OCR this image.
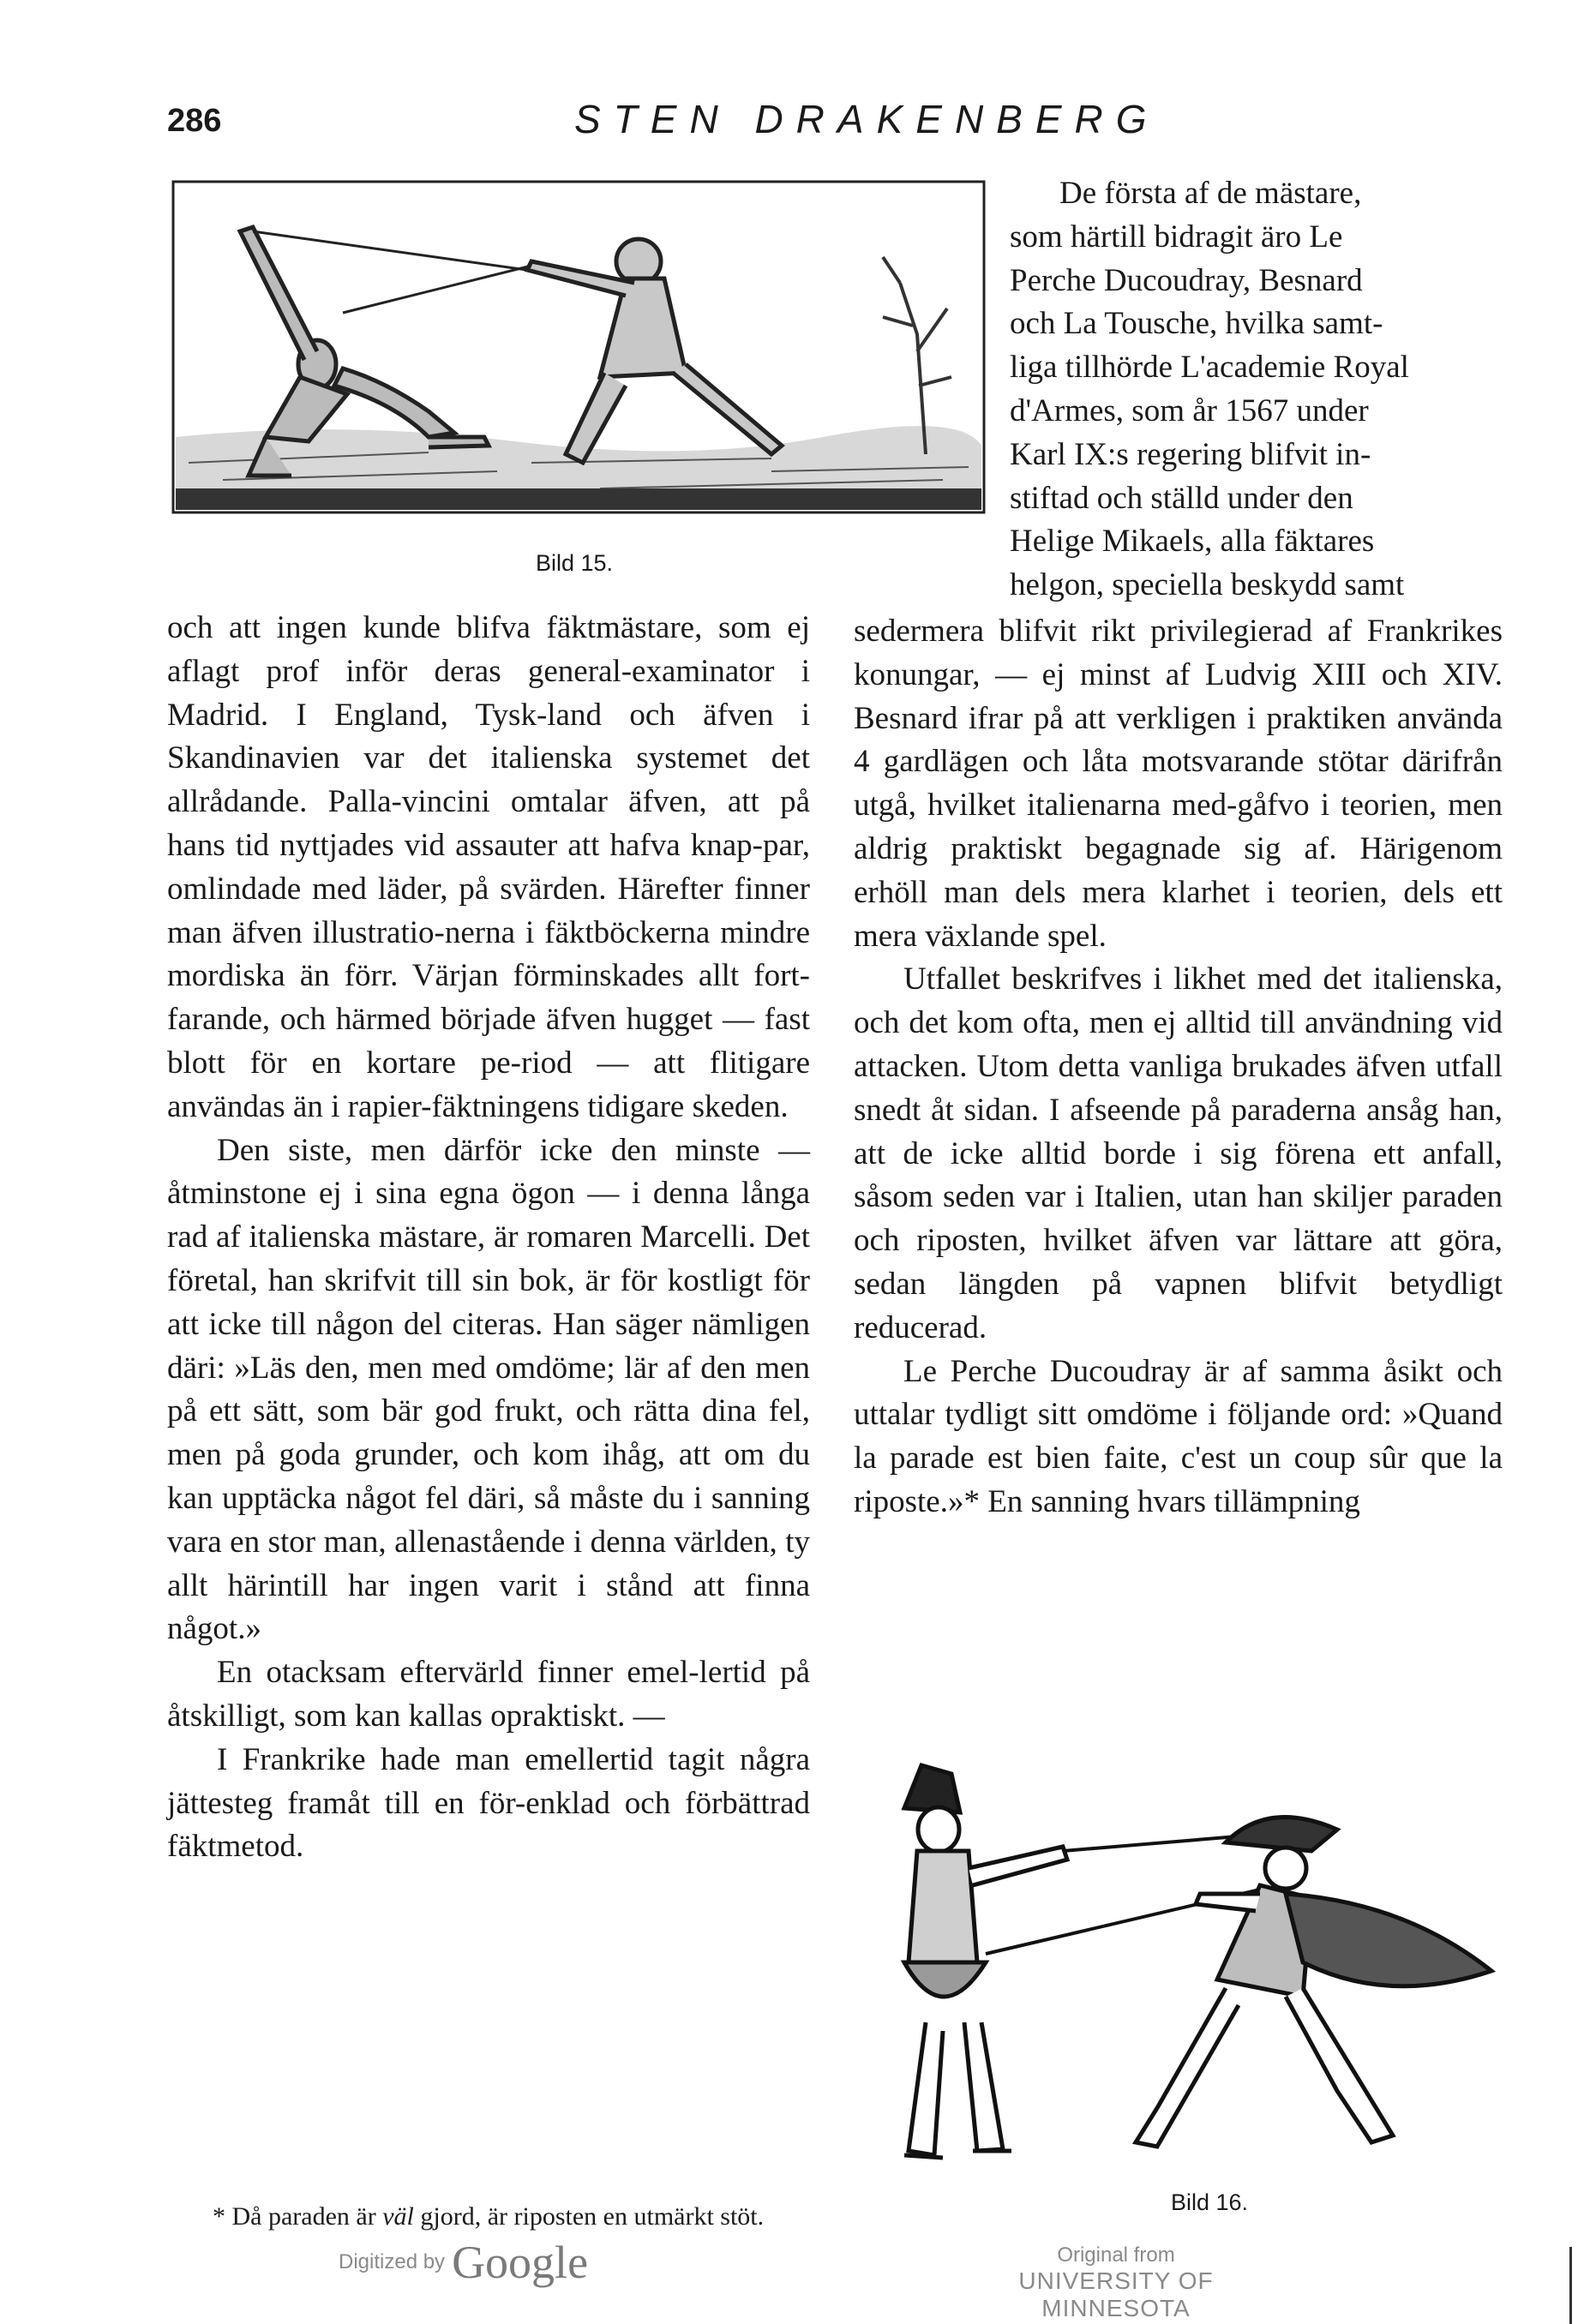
286	STEN DRAKENBERG
Bild 15.
De första af de mästare,
som härtill bidragit äro Le
Perche Ducoudray, Besnard
och La Tousche, hvilka samt-
liga tillhörde L'academie Royal
d'Armes, som år 1567 under
Karl IX:s regering blifvit in-
stiftad och ställd under den
Helige Mikaels, alla fäktares
helgon, speciella beskydd samt

och att ingen kunde blifva fäktmästare, som ej aflagt prof inför deras general-examinator i Madrid. I England, Tysk-land och äfven i Skandinavien var det italienska systemet det allrådande. Palla-vincini omtalar äfven, att på hans tid nyttjades vid assauter att hafva knap-par, omlindade med läder, på svärden. Härefter finner man äfven illustratio-nerna i fäktböckerna mindre mordiska än förr. Värjan förminskades allt fort-farande, och härmed började äfven hugget — fast blott för en kortare pe-riod — att flitigare användas än i rapier-fäktningens tidigare skeden.

Den siste, men därför icke den minste — åtminstone ej i sina egna ögon — i denna långa rad af italienska mästare, är romaren Marcelli. Det företal, han skrifvit till sin bok, är för kostligt för att icke till någon del citeras. Han säger nämligen däri: »Läs den, men med omdöme; lär af den men på ett sätt, som bär god frukt, och rätta dina fel, men på goda grunder, och kom ihåg, att om du kan upptäcka något fel däri, så måste du i sanning vara en stor man, allenastående i denna världen, ty allt härintill har ingen varit i stånd att finna något.»

En otacksam eftervärld finner emel-lertid på åtskilligt, som kan kallas opraktiskt. —

I Frankrike hade man emellertid tagit några jättesteg framåt till en för-enklad och förbättrad fäktmetod.

sedermera blifvit rikt privilegierad af Frankrikes konungar, — ej minst af Ludvig XIII och XIV. Besnard ifrar på att verkligen i praktiken använda 4 gardlägen och låta motsvarande stötar därifrån utgå, hvilket italienarna med-gåfvo i teorien, men aldrig praktiskt begagnade sig af. Härigenom erhöll man dels mera klarhet i teorien, dels ett mera växlande spel.

Utfallet beskrifves i likhet med det italienska, och det kom ofta, men ej alltid till användning vid attacken. Utom detta vanliga brukades äfven utfall snedt åt sidan. I afseende på paraderna ansåg han, att de icke alltid borde i sig förena ett anfall, såsom seden var i Italien, utan han skiljer paraden och riposten, hvilket äfven var lättare att göra, sedan längden på vapnen blifvit betydligt reducerad.

Le Perche Ducoudray är af samma åsikt och uttalar tydligt sitt omdöme i följande ord: »Quand la parade est bien faite, c'est un coup sûr que la riposte.»* En sanning hvars tillämpning

Bild 16.
* Då paraden är väl gjord, är riposten en utmärkt stöt.
Digitized by Google	Original from
UNIVERSITY OF MINNESOTA
